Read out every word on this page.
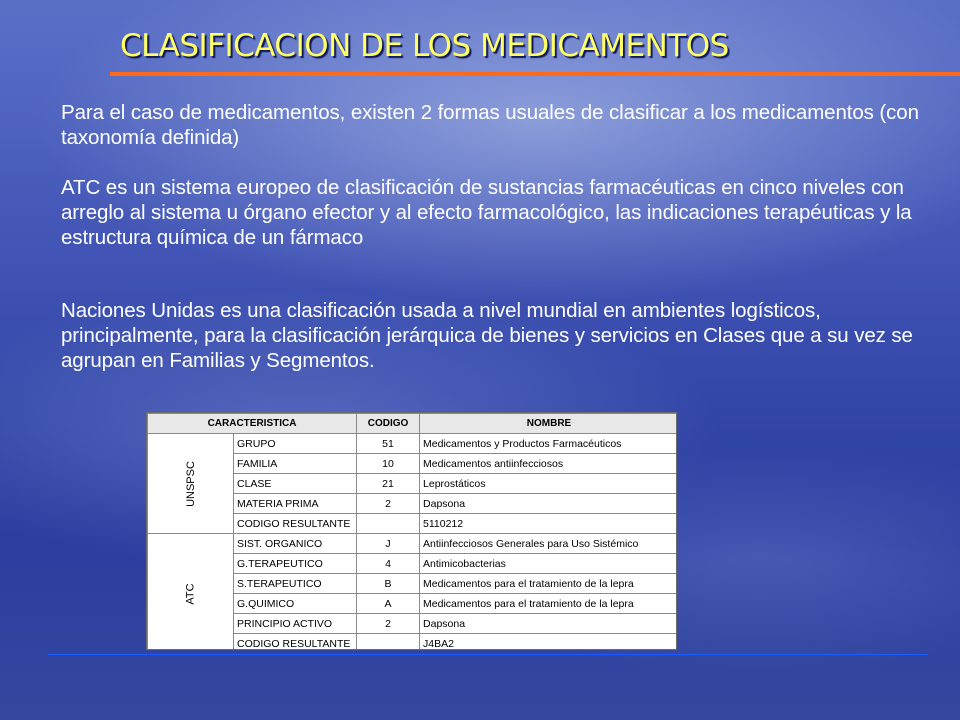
CLASIFICACION DE LOS MEDICAMENTOS

Para el caso de medicamentos, existen 2 formas usuales de clasificar a los medicamentos (con taxonomía definida)

ATC es un sistema europeo de clasificación de sustancias farmacéuticas en cinco niveles con arreglo al sistema u órgano efector y al efecto farmacológico, las indicaciones terapéuticas y la estructura química de un fármaco

Naciones Unidas es una clasificación usada a nivel mundial en ambientes logísticos, principalmente, para la clasificación jerárquica de bienes y servicios en Clases que a su vez se agrupan en Familias y Segmentos.

CARACTERISTICA		CODIGO	NOMBRE
UNSPSC	GRUPO	51	Medicamentos y Productos Farmacéuticos
	FAMILIA	10	Medicamentos antiinfecciosos
	CLASE	21	Leprostáticos
	MATERIA PRIMA	2	Dapsona
	CODIGO RESULTANTE		5110212
ATC	SIST. ORGANICO	J	Antiinfecciosos Generales para Uso Sistémico
	G.TERAPEUTICO	4	Antimicobacterias
	S.TERAPEUTICO	B	Medicamentos para el tratamiento de la lepra
	G.QUIMICO	A	Medicamentos para el tratamiento de la lepra
	PRINCIPIO ACTIVO	2	Dapsona
	CODIGO RESULTANTE		J4BA2
